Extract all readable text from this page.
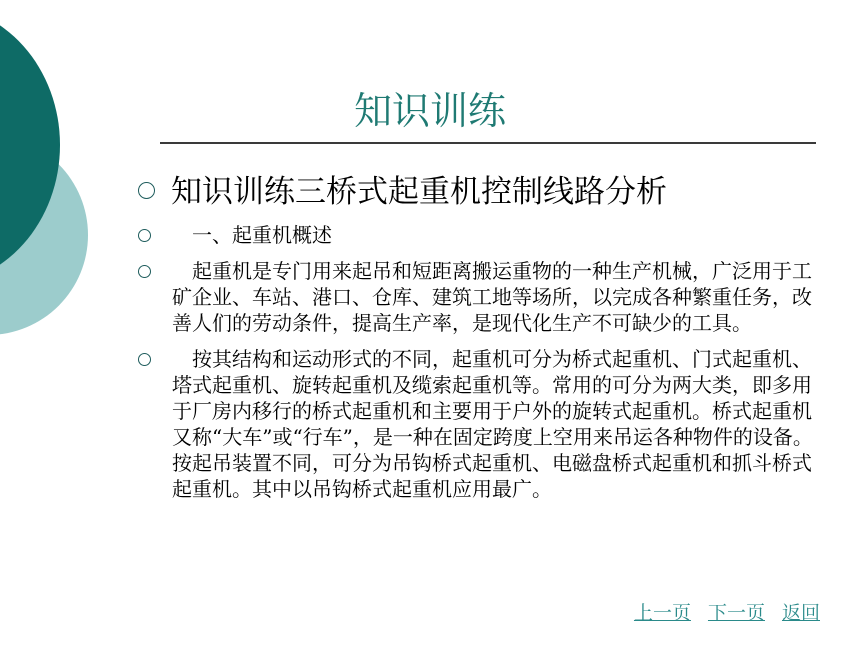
知识训练
知识训练三桥式起重机控制线路分析
一、起重机概述
起重机是专门用来起吊和短距离搬运重物的一种生产机械，广泛用于工矿企业、车站、港口、仓库、建筑工地等场所，以完成各种繁重任务，改善人们的劳动条件，提高生产率，是现代化生产不可缺少的工具。
按其结构和运动形式的不同，起重机可分为桥式起重机、门式起重机、塔式起重机、旋转起重机及缆索起重机等。常用的可分为两大类，即多用于厂房内移行的桥式起重机和主要用于户外的旋转式起重机。桥式起重机又称“大车”或“行车”，是一种在固定跨度上空用来吊运各种物件的设备。按起吊装置不同，可分为吊钩桥式起重机、电磁盘桥式起重机和抓斗桥式起重机。其中以吊钩桥式起重机应用最广。
上一页 下一页 返回
